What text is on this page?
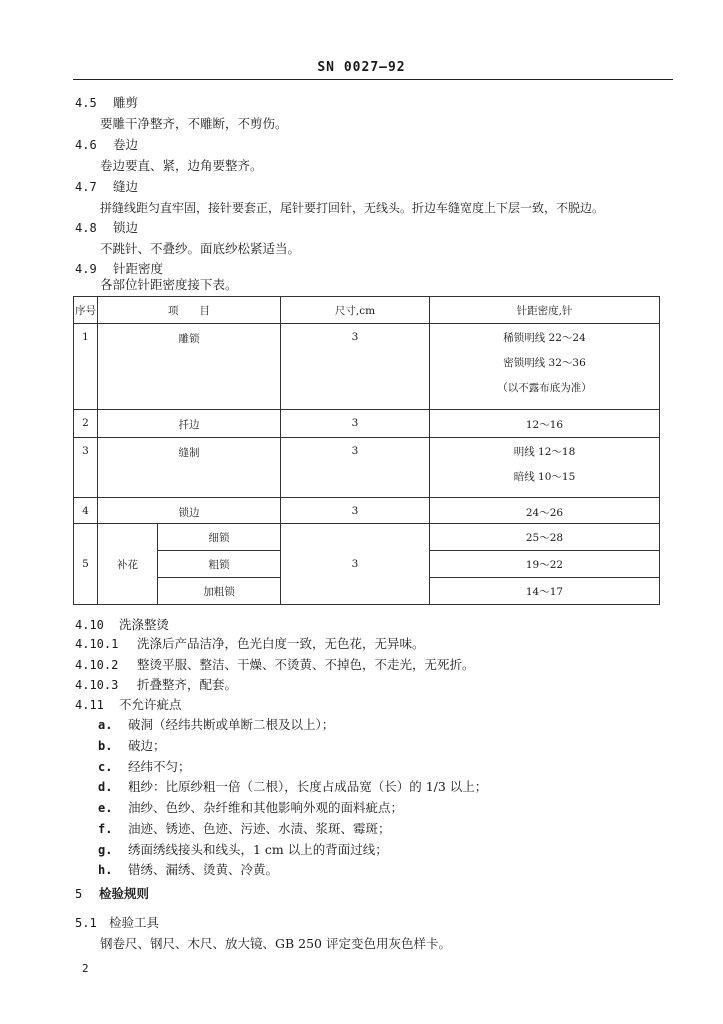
SN 0027—92
4.5 雕剪
要雕干净整齐，不雕断，不剪伤。
4.6 卷边
卷边要直、紧，边角要整齐。
4.7 缝边
拼缝线距匀直牢固，接针要套正，尾针要打回针，无线头。折边车缝宽度上下层一致，不脱边。
4.8 锁边
不跳针、不叠纱。面底纱松紧适当。
4.9 针距密度
各部位针距密度接下表。
序号	项　　目		尺寸,cm	针距密度,针
1	雕锁		3	稀锁明线 22～24
密锁明线 32～36
（以不露布底为准）

2	扦边		3	12～16
3	缝制		3	明线 12～18
暗线 10～15

4	锁边		3	24～26
5	补花	细锁	3	25～28
		粗锁		19～22
		加粗锁		14～17
4.10 洗涤整烫
4.10.1 洗涤后产品洁净，色光白度一致，无色花，无异味。
4.10.2 整烫平服、整洁、干燥、不烫黄、不掉色，不走光，无死折。
4.10.3 折叠整齐，配套。
4.11 不允许疵点
a. 破洞（经纬共断或单断二根及以上）；
b. 破边；
c. 经纬不匀；
d. 粗纱：比原纱粗一倍（二根），长度占成品宽（长）的 1/3 以上；
e. 油纱、色纱、杂纤维和其他影响外观的面料疵点；
f. 油迹、锈迹、色迹、污迹、水渍、浆斑、霉斑；
g. 绣面绣线接头和线头，1 cm 以上的背面过线；
h. 错绣、漏绣、烫黄、冷黄。
5 检验规则
5.1 检验工具
钢卷尺、钢尺、木尺、放大镜、GB 250 评定变色用灰色样卡。
2
